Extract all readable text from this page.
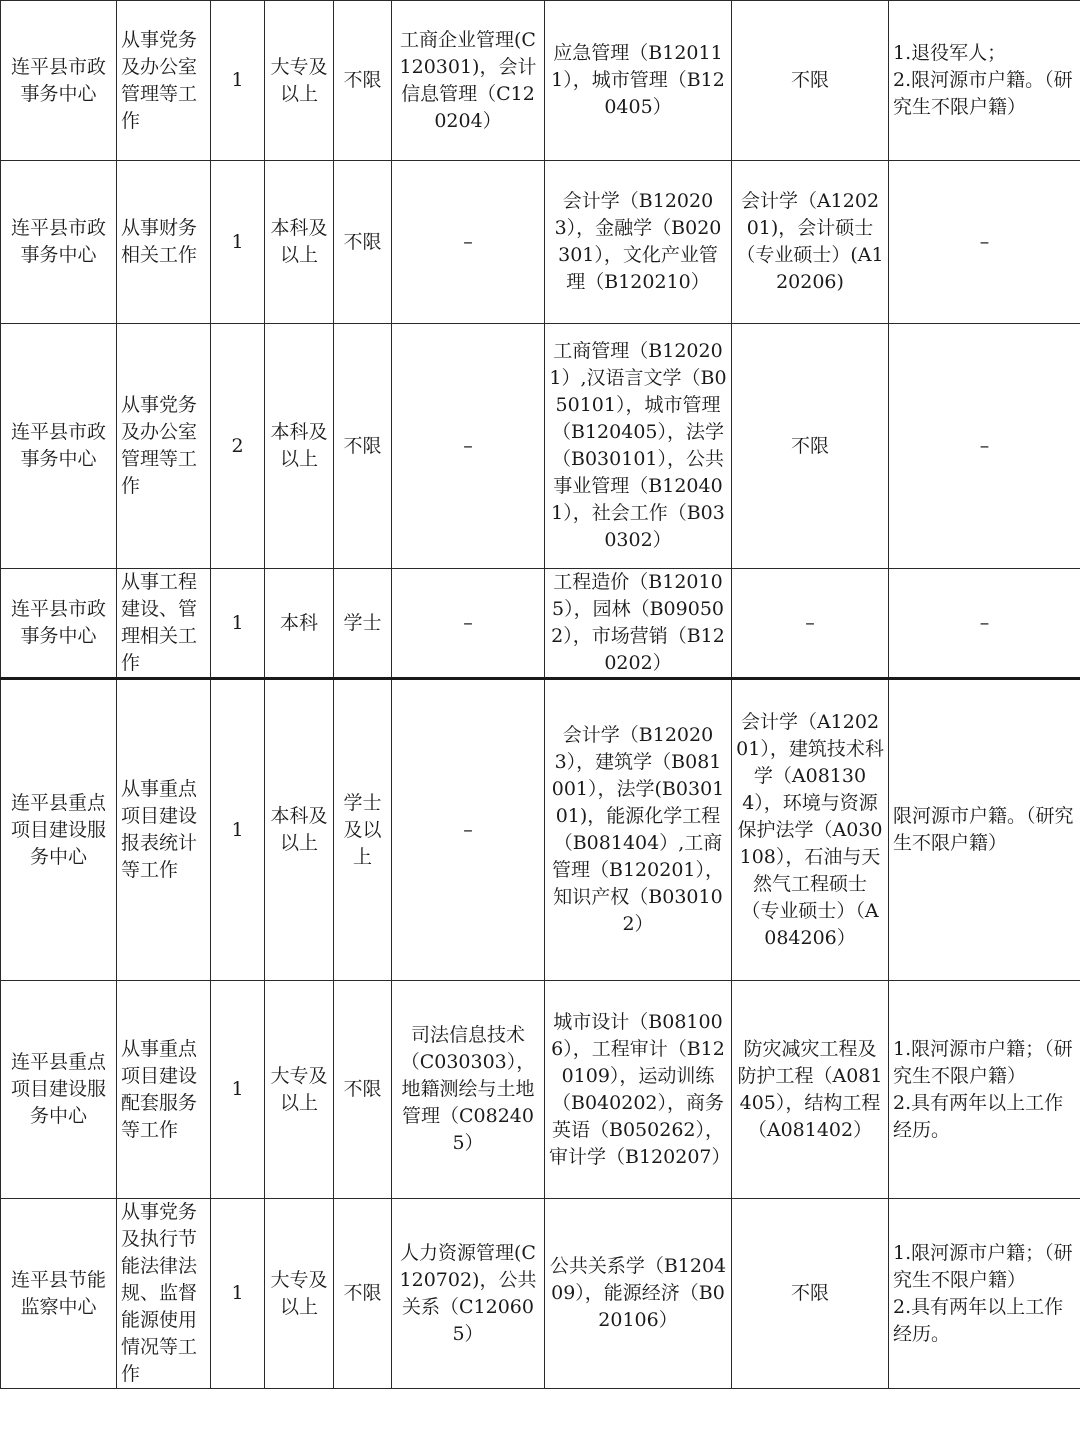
连平县市政事务中心	从事党务及办公室管理等工作	1	大专及以上	不限	工商企业管理(C120301)，会计信息管理（C120204）	应急管理（B120111），城市管理（B120405）	不限	1.退役军人；
2.限河源市户籍。（研究生不限户籍）
连平县市政事务中心	从事财务相关工作	1	本科及以上	不限	–	会计学（B120203），金融学（B020301），文化产业管理（B120210）	会计学（A120201)，会计硕士（专业硕士）(A120206)	–
连平县市政事务中心	从事党务及办公室管理等工作	2	本科及以上	不限	–	工商管理（B120201）,汉语言文学（B050101），城市管理（B120405），法学（B030101），公共事业管理（B120401），社会工作（B030302）	不限	–
连平县市政事务中心	从事工程建设、管理相关工作	1	本科	学士	–	工程造价（B120105），园林（B090502），市场营销（B120202）	–	–
连平县重点项目建设服务中心	从事重点项目建设报表统计等工作	1	本科及以上	学士及以上	–	会计学（B120203），建筑学（B081001），法学(B030101)，能源化学工程（B081404）,工商管理（B120201），知识产权（B030102）	会计学（A120201），建筑技术科学（A081304），环境与资源保护法学（A030108），石油与天然气工程硕士（专业硕士）（A084206）	限河源市户籍。（研究生不限户籍）
连平县重点项目建设服务中心	从事重点项目建设配套服务等工作	1	大专及以上	不限	司法信息技术（C030303），地籍测绘与土地管理（C082405）	城市设计（B081006），工程审计（B120109），运动训练（B040202），商务英语（B050262），审计学（B120207）	防灾减灾工程及防护工程（A081405），结构工程（A081402）	1.限河源市户籍；（研究生不限户籍）
2.具有两年以上工作经历。
连平县节能监察中心	从事党务及执行节能法律法规、监督能源使用情况等工作	1	大专及以上	不限	人力资源管理(C120702)，公共关系（C120605）	公共关系学（B120409），能源经济（B020106）	不限	1.限河源市户籍；（研究生不限户籍）
2.具有两年以上工作经历。
